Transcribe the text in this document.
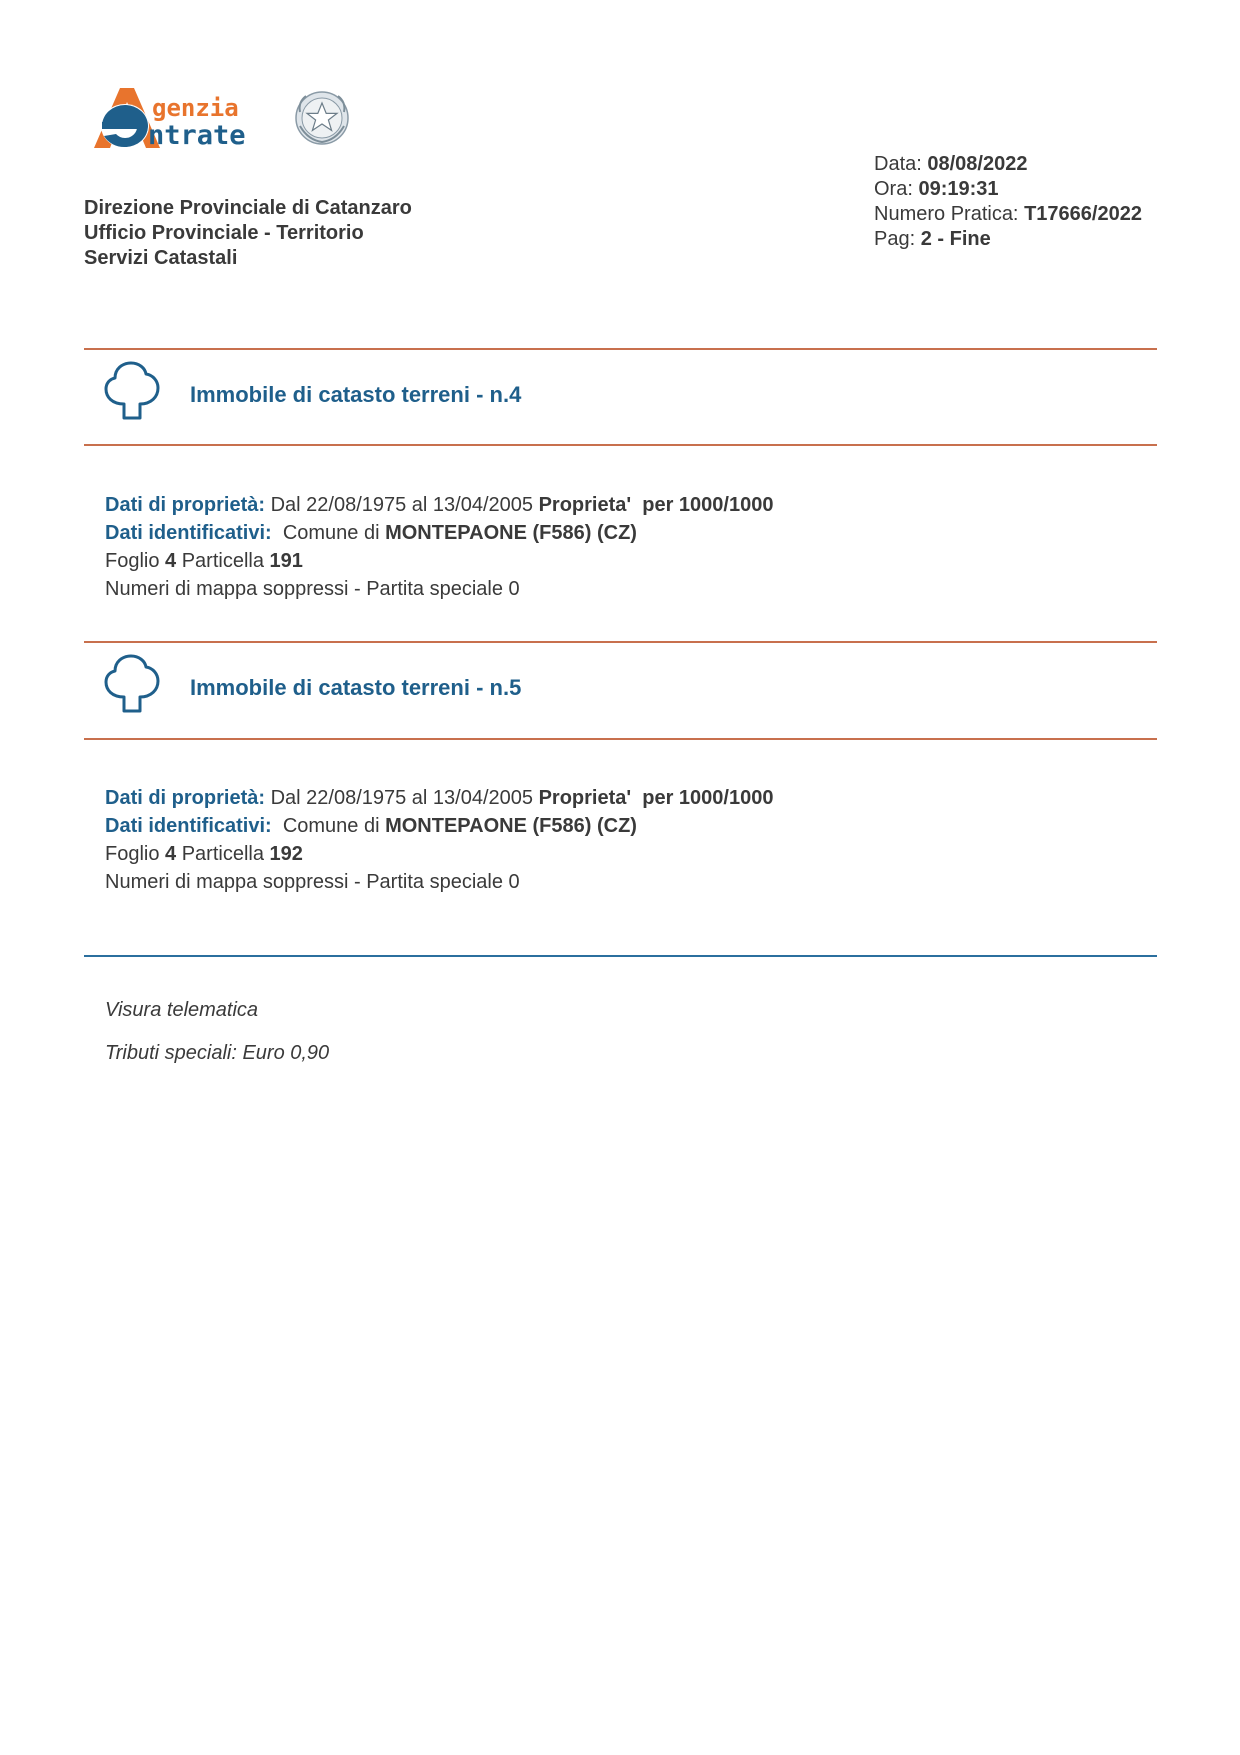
genzia
ntrate
Direzione Provinciale di Catanzaro
Ufficio Provinciale - Territorio
Servizi Catastali
Data: 08/08/2022
Ora: 09:19:31
Numero Pratica: T17666/2022
Pag: 2 - Fine
Immobile di catasto terreni - n.4
Dati di proprietà: Dal 22/08/1975 al 13/04/2005 Proprieta'  per 1000/1000
Dati identificativi:  Comune di MONTEPAONE (F586) (CZ)
Foglio 4 Particella 191
Numeri di mappa soppressi - Partita speciale 0
Immobile di catasto terreni - n.5
Dati di proprietà: Dal 22/08/1975 al 13/04/2005 Proprieta'  per 1000/1000
Dati identificativi:  Comune di MONTEPAONE (F586) (CZ)
Foglio 4 Particella 192
Numeri di mappa soppressi - Partita speciale 0
Visura telematica
Tributi speciali: Euro 0,90
